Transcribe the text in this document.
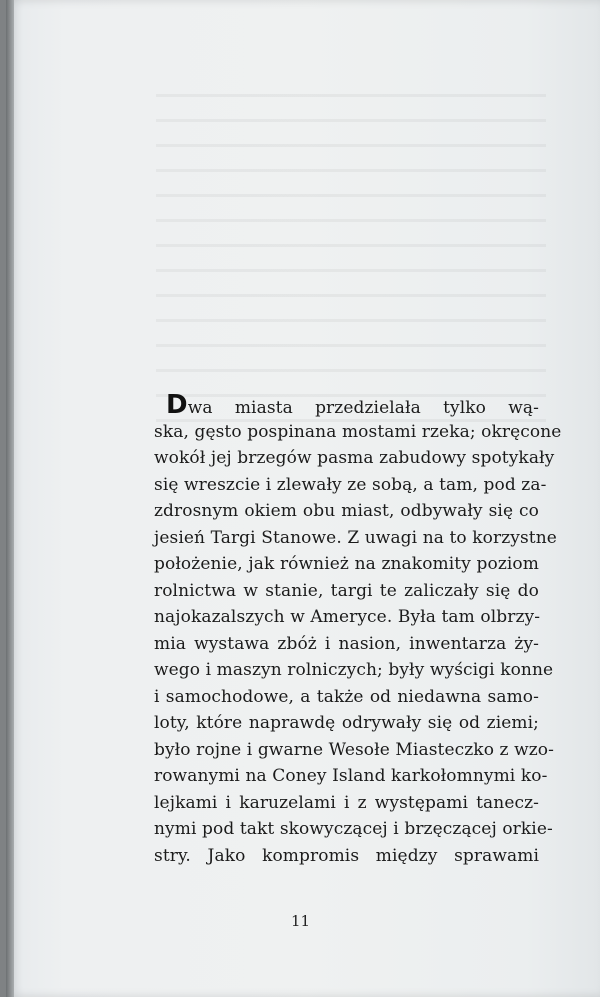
Dwa miasta przedzielała tylko wą-
ska, gęsto pospinana mostami rzeka; okręcone
wokół jej brzegów pasma zabudowy spotykały
się wreszcie i zlewały ze sobą, a tam, pod za-
zdrosnym okiem obu miast, odbywały się co
jesień Targi Stanowe. Z uwagi na to korzystne
położenie, jak również na znakomity poziom
rolnictwa w stanie, targi te zaliczały się do
najokazalszych w Ameryce. Była tam olbrzy-
mia wystawa zbóż i nasion, inwentarza ży-
wego i maszyn rolniczych; były wyścigi konne
i samochodowe, a także od niedawna samo-
loty, które naprawdę odrywały się od ziemi;
było rojne i gwarne Wesołe Miasteczko z wzo-
rowanymi na Coney Island karkołomnymi ko-
lejkami i karuzelami i z występami tanecz-
nymi pod takt skowyczącej i brzęczącej orkie-
stry. Jako kompromis między sprawami
11
